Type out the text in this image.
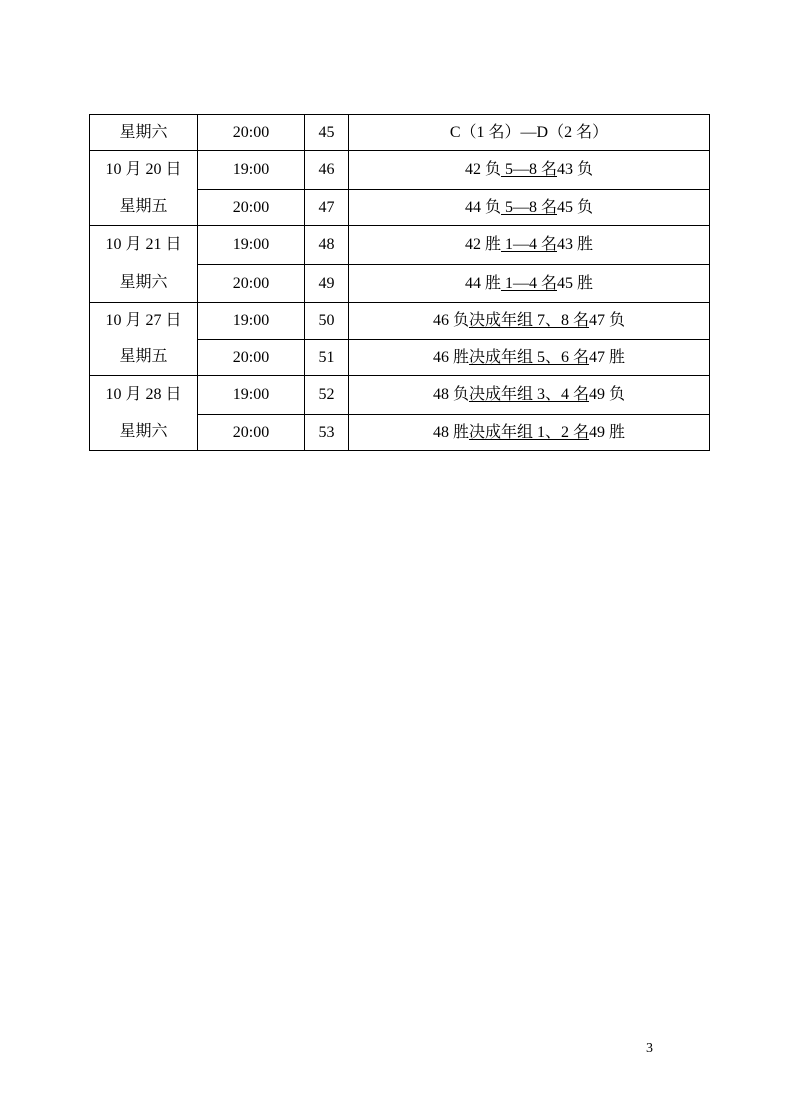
星期六	20:00	45	C（1 名）—D（2 名）
10 月 20 日	19:00	46	42 负 5—8 名43 负
星期五	20:00	47	44 负 5—8 名45 负
10 月 21 日	19:00	48	42 胜 1—4 名43 胜
星期六	20:00	49	44 胜 1—4 名45 胜
10 月 27 日	19:00	50	46 负决成年组 7、8 名47 负
星期五	20:00	51	46 胜决成年组 5、6 名47 胜
10 月 28 日	19:00	52	48 负决成年组 3、4 名49 负
星期六	20:00	53	48 胜决成年组 1、2 名49 胜
3
